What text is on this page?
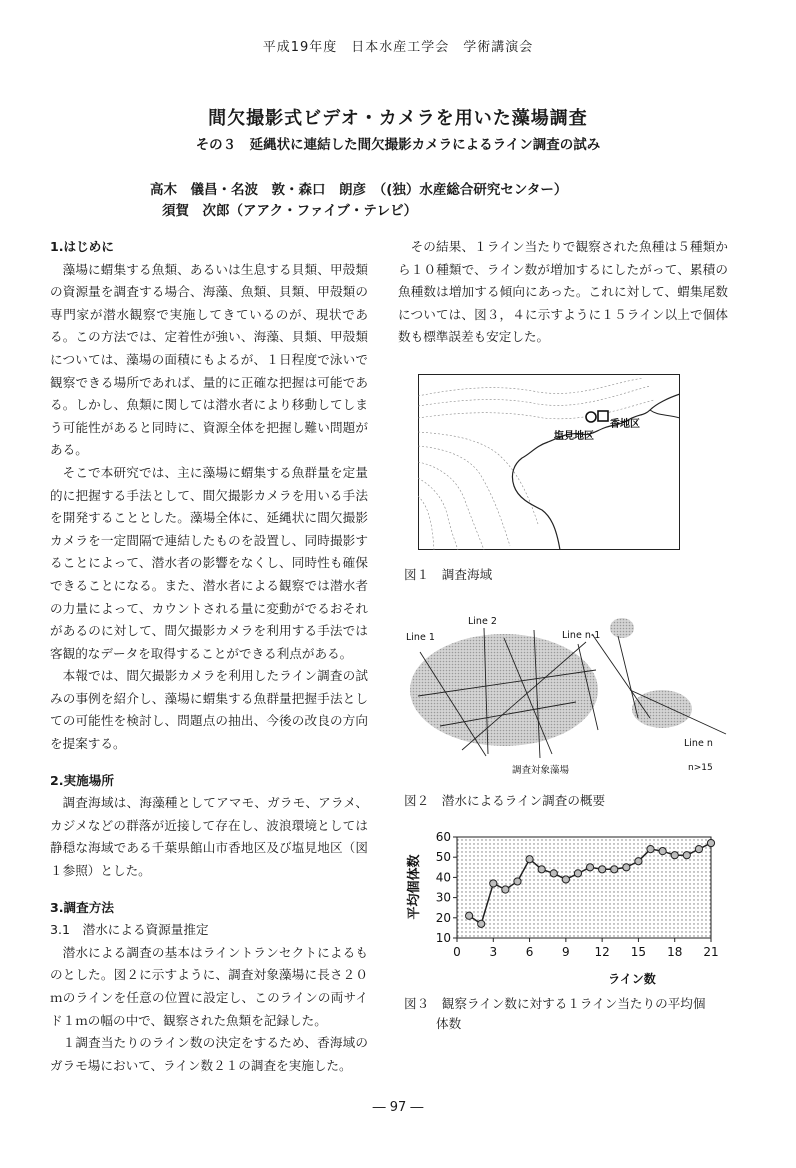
平成19年度　日本水産工学会　学術講演会
間欠撮影式ビデオ・カメラを用いた藻場調査
その３　延縄状に連結した間欠撮影カメラによるライン調査の試み
高木　儀昌・名波　敦・森口　朗彦　（(独）水産総合研究センター）
須賀　次郎（アアク・ファイブ・テレビ）
1.はじめに

藻場に蝟集する魚類、あるいは生息する貝類、甲殻類の資源量を調査する場合、海藻、魚類、貝類、甲殻類の専門家が潜水観察で実施してきているのが、現状である。この方法では、定着性が強い、海藻、貝類、甲殻類については、藻場の面積にもよるが、１日程度で泳いで観察できる場所であれば、量的に正確な把握は可能である。しかし、魚類に関しては潜水者により移動してしまう可能性があると同時に、資源全体を把握し難い問題がある。

そこで本研究では、主に藻場に蝟集する魚群量を定量的に把握する手法として、間欠撮影カメラを用いる手法を開発することとした。藻場全体に、延縄状に間欠撮影カメラを一定間隔で連結したものを設置し、同時撮影することによって、潜水者の影響をなくし、同時性も確保できることになる。また、潜水者による観察では潜水者の力量によって、カウントされる量に変動がでるおそれがあるのに対して、間欠撮影カメラを利用する手法では客観的なデータを取得することができる利点がある。

本報では、間欠撮影カメラを利用したライン調査の試みの事例を紹介し、藻場に蝟集する魚群量把握手法としての可能性を検討し、問題点の抽出、今後の改良の方向を提案する。

2.実施場所

調査海域は、海藻種としてアマモ、ガラモ、アラメ、カジメなどの群落が近接して存在し、波浪環境としては静穏な海域である千葉県館山市香地区及び塩見地区（図１参照）とした。

3.調査方法
3.1　潜水による資源量推定

潜水による調査の基本はライントランセクトによるものとした。図２に示すように、調査対象藻場に長さ２０ｍのラインを任意の位置に設定し、このラインの両サイド１ｍの幅の中で、観察された魚類を記録した。

１調査当たりのライン数の決定をするため、香海域のガラモ場において、ライン数２１の調査を実施した。

その結果、１ライン当たりで観察された魚種は５種類から１０種類で、ライン数が増加するにしたがって、累積の魚種数は増加する傾向にあった。これに対して、蝟集尾数については、図３，４に示すように１５ライン以上で個体数も標準誤差も安定した。

香地区
塩見地区
図１　調査海域
Line 1
Line 2
Line n-1
Line n
調査対象藻場	n>15
図２　潜水によるライン調査の概要
10
20
30
40
50
60
0 3 6 9 12 15 18 21
平均個体数
ライン数
図３　観察ライン数に対する１ライン当たりの平均個
体数
― 97 ―
